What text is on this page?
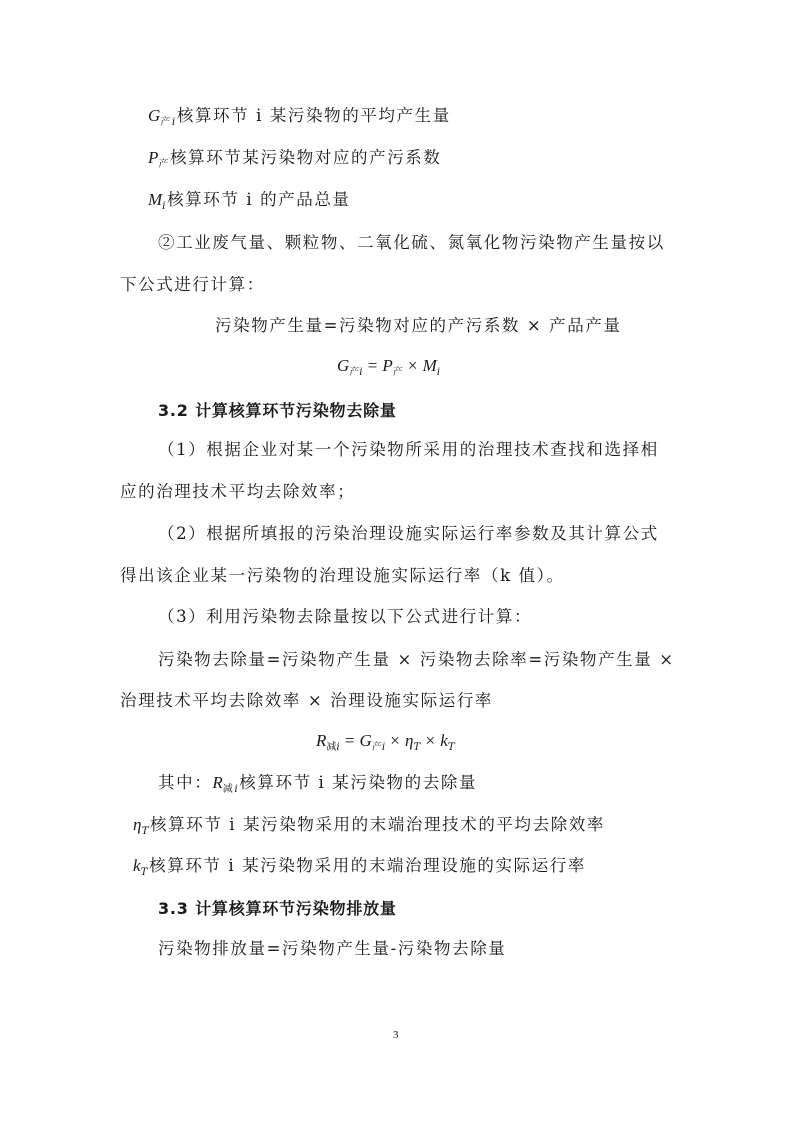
$G_{产i}$核算环节 i 某污染物的平均产生量
$P_产$核算环节某污染物对应的产污系数
$M_i$核算环节 i 的产品总量
②工业废气量、颗粒物、二氧化硫、氮氧化物污染物产生量按以
下公式进行计算：
污染物产生量=污染物对应的产污系数 × 产品产量
$G_{产i} = P_产 \times M_i$
3.2 计算核算环节污染物去除量
（1）根据企业对某一个污染物所采用的治理技术查找和选择相
应的治理技术平均去除效率；
（2）根据所填报的污染治理设施实际运行率参数及其计算公式
得出该企业某一污染物的治理设施实际运行率（k 值）。
（3）利用污染物去除量按以下公式进行计算：
污染物去除量=污染物产生量 × 污染物去除率=污染物产生量 ×
治理技术平均去除效率 × 治理设施实际运行率
$R_{减i} = G_{产i} \times \eta_T \times k_T$
其中：$R_{减i}$核算环节 i 某污染物的去除量
$\eta_T$核算环节 i 某污染物采用的末端治理技术的平均去除效率
$k_T$核算环节 i 某污染物采用的末端治理设施的实际运行率
3.3 计算核算环节污染物排放量
污染物排放量=污染物产生量-污染物去除量
3
